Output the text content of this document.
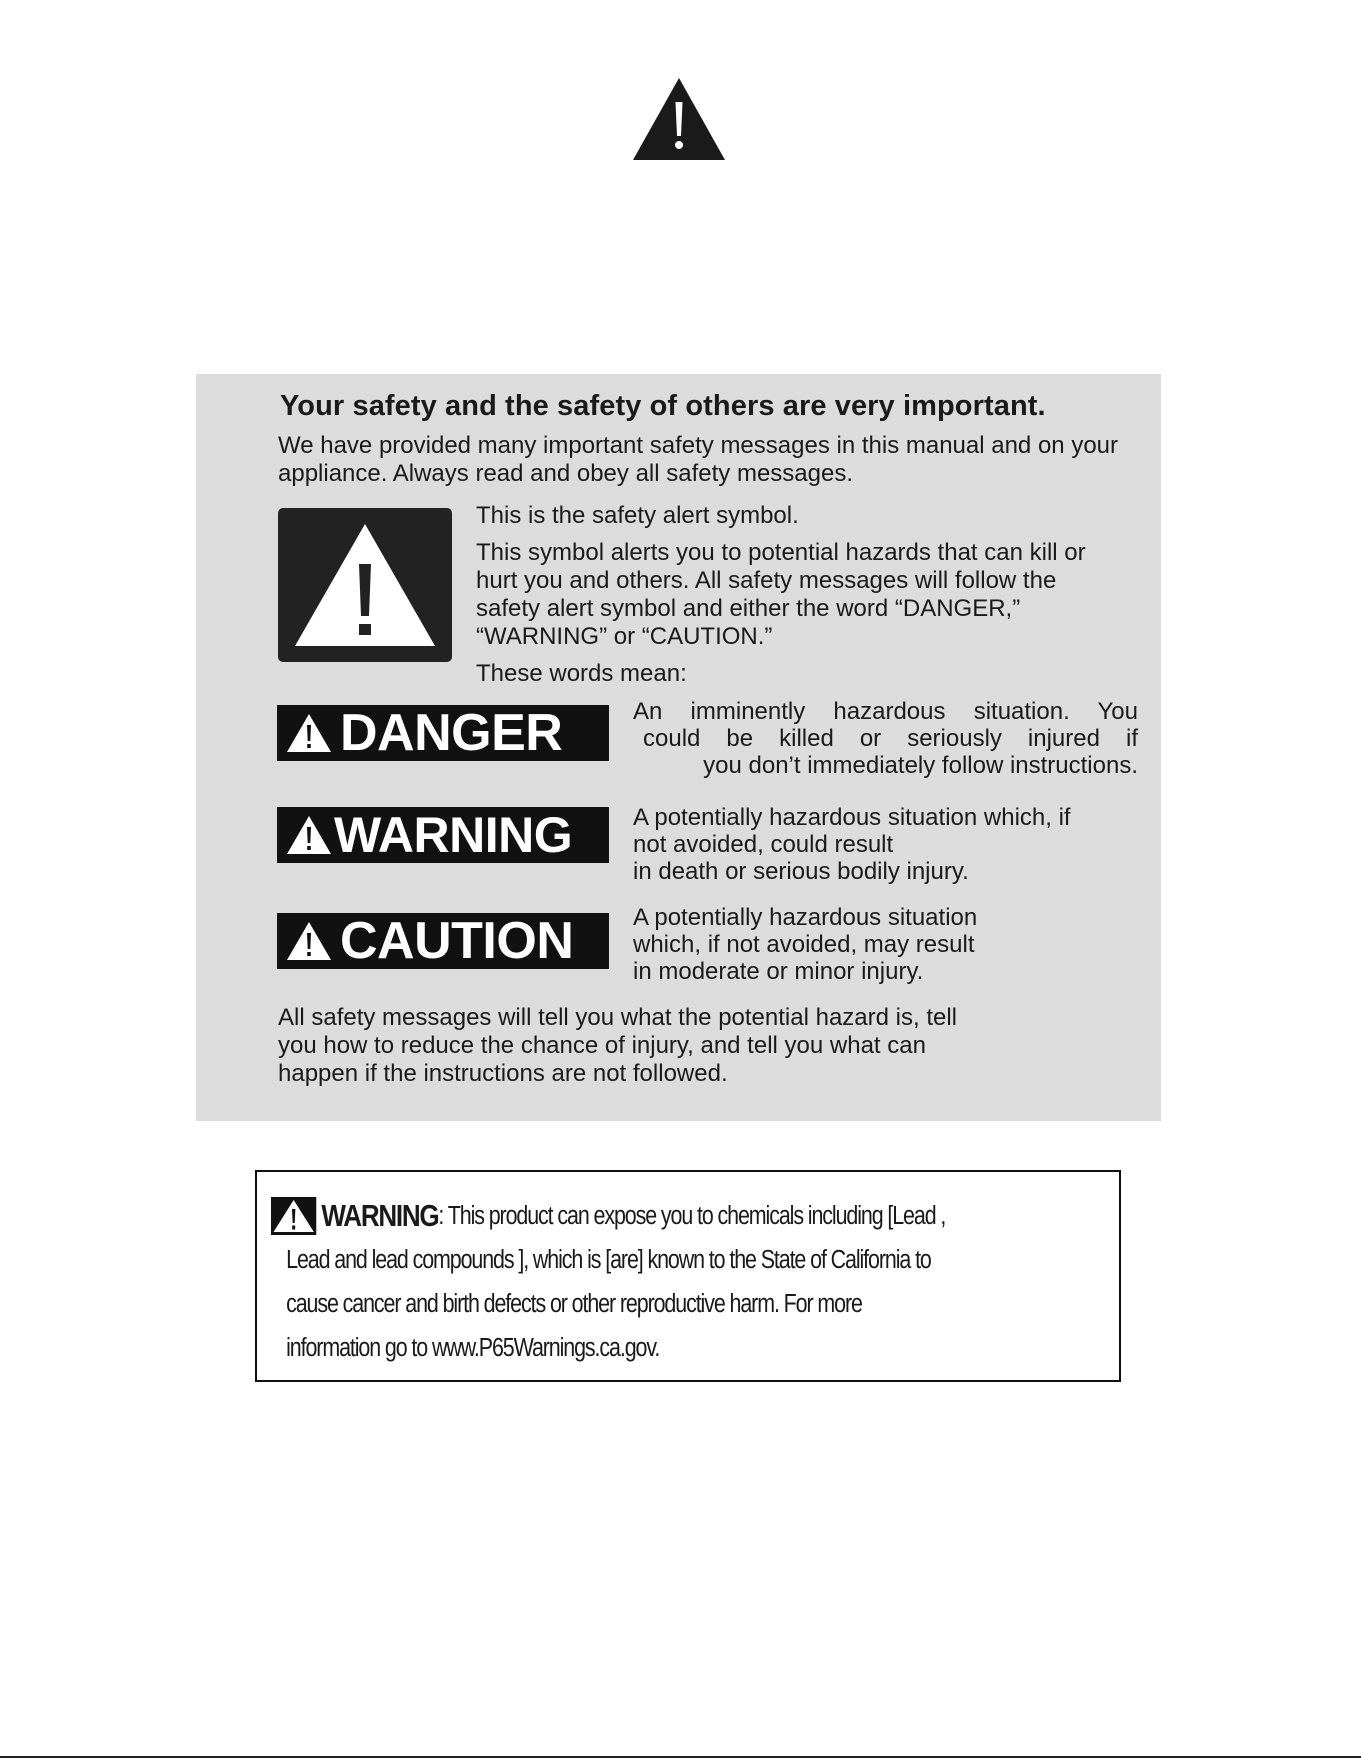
Your safety and the safety of others are very important.

We have provided many important safety messages in this manual and on your appliance. Always read and obey all safety messages.

This is the safety alert symbol.

This symbol alerts you to potential hazards that can kill or hurt you and others. All safety messages will follow the safety alert symbol and either the word “DANGER,” “WARNING” or “CAUTION.”

These words mean:

DANGER	An imminently hazardous situation. You
could be killed or seriously injured if
you don’t immediately follow instructions.
WARNING	A potentially hazardous situation which, if
not avoided, could result
in death or serious bodily injury.
CAUTION A potentially hazardous situation
which, if not avoided, may result
in moderate or minor injury.
All safety messages will tell you what the potential hazard is, tell
you how to reduce the chance of injury, and tell you what can
happen if the instructions are not followed.
WARNING : This product can expose you to chemicals including [Lead ,
Lead and lead compounds ], which is [are] known to the State of California to
cause cancer and birth defects or other reproductive harm. For more
information go to www.P65Warnings.ca.gov.
